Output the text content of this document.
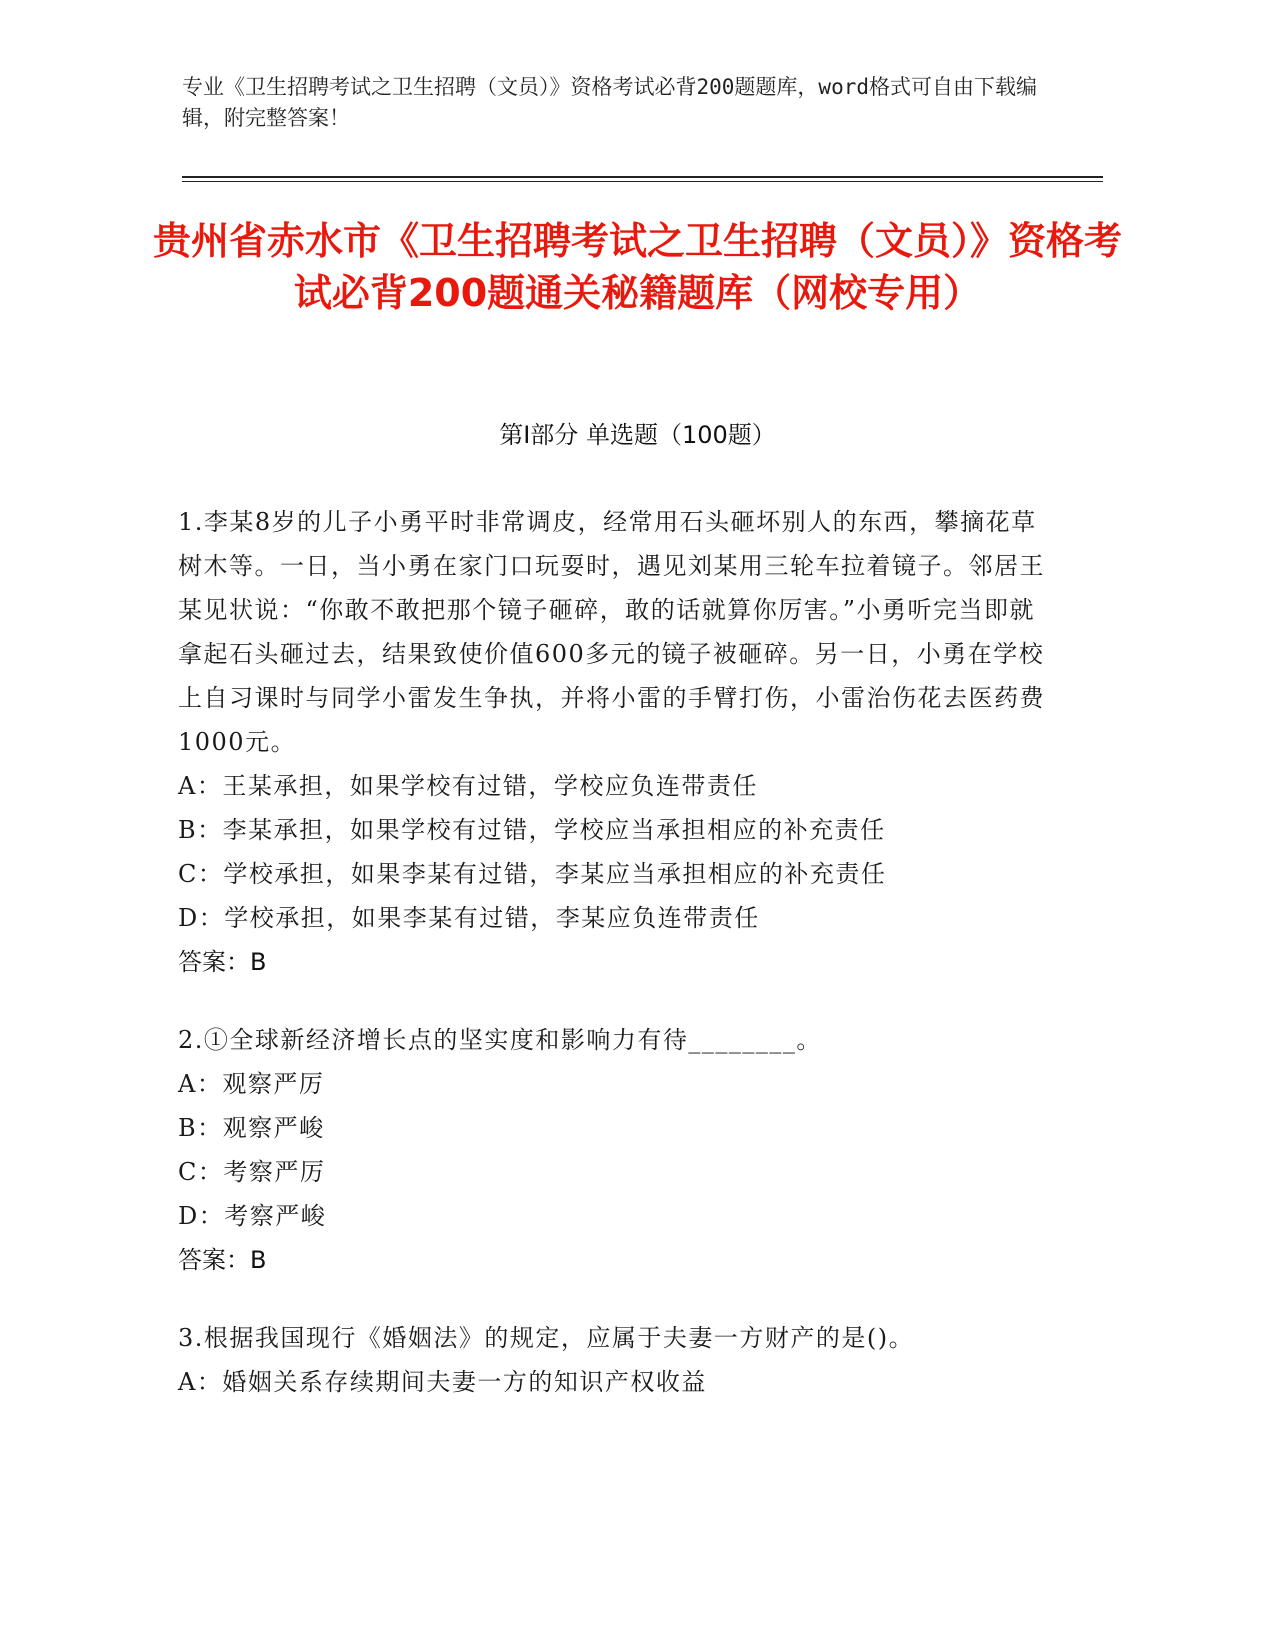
专业《卫生招聘考试之卫生招聘（文员）》资格考试必背200题题库，word格式可自由下载编辑，附完整答案！
贵州省赤水市《卫生招聘考试之卫生招聘（文员）》资格考试必背200题通关秘籍题库（网校专用）
第I部分 单选题（100题）

1.李某8岁的儿子小勇平时非常调皮，经常用石头砸坏别人的东西，攀摘花草树木等。一日，当小勇在家门口玩耍时，遇见刘某用三轮车拉着镜子。邻居王某见状说：“你敢不敢把那个镜子砸碎，敢的话就算你厉害。”小勇听完当即就拿起石头砸过去，结果致使价值600多元的镜子被砸碎。另一日，小勇在学校上自习课时与同学小雷发生争执，并将小雷的手臂打伤，小雷治伤花去医药费1000元。

A：王某承担，如果学校有过错，学校应负连带责任
B：李某承担，如果学校有过错，学校应当承担相应的补充责任
C：学校承担，如果李某有过错，李某应当承担相应的补充责任
D：学校承担，如果李某有过错，李某应负连带责任
答案：B

2.①全球新经济增长点的坚实度和影响力有待________。

A：观察严厉
B：观察严峻
C：考察严厉
D：考察严峻
答案：B

3.根据我国现行《婚姻法》的规定，应属于夫妻一方财产的是()。

A：婚姻关系存续期间夫妻一方的知识产权收益
